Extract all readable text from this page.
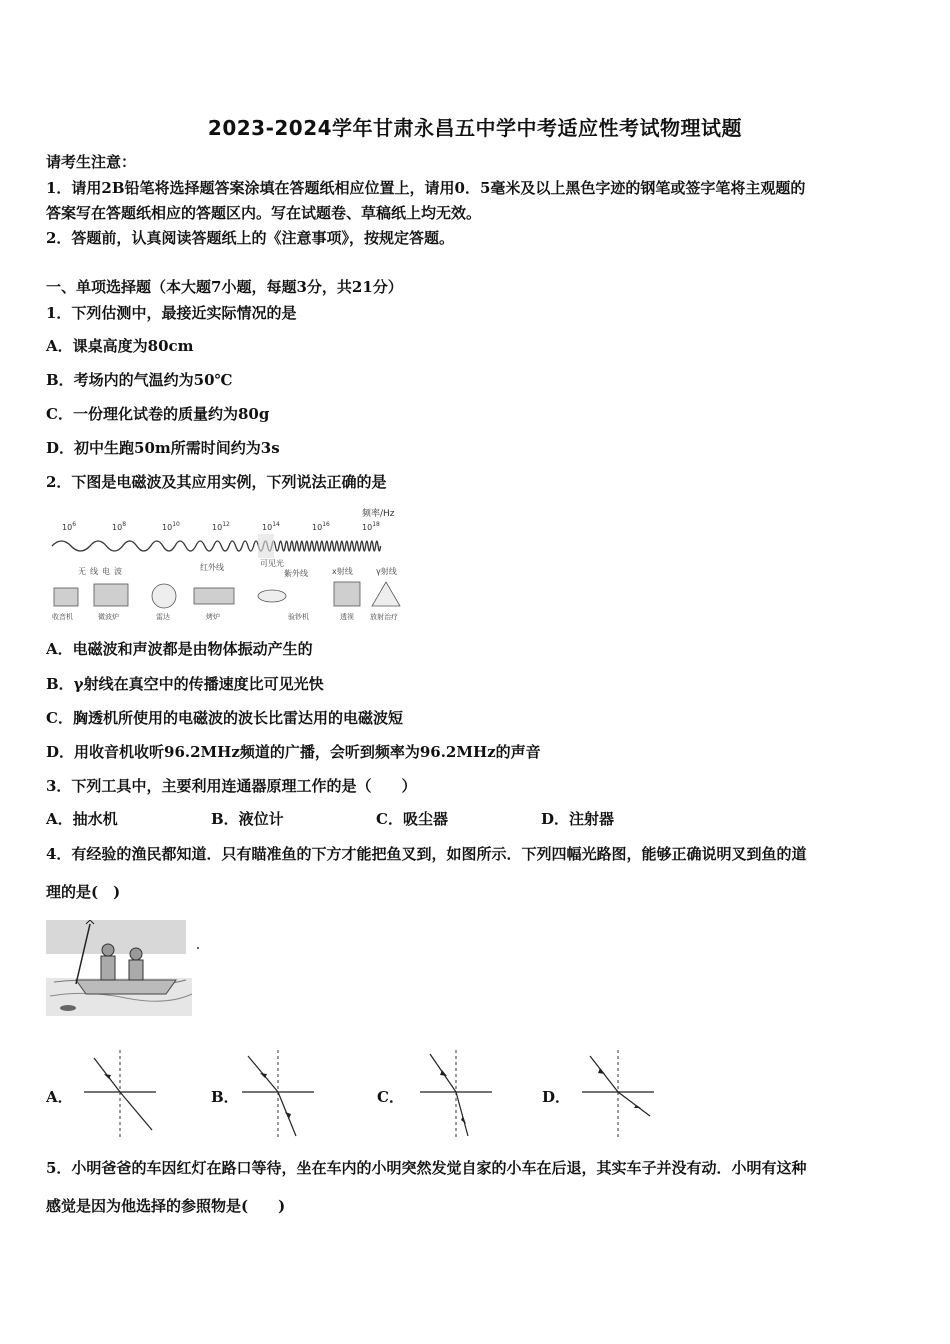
2023-2024学年甘肃永昌五中学中考适应性考试物理试题
请考生注意：
1．请用2B铅笔将选择题答案涂填在答题纸相应位置上，请用0．5毫米及以上黑色字迹的钢笔或签字笔将主观题的
答案写在答题纸相应的答题区内。写在试题卷、草稿纸上均无效。
2．答题前，认真阅读答题纸上的《注意事项》，按规定答题。
一、单项选择题（本大题7小题，每题3分，共21分）
1．下列估测中，最接近实际情况的是
A．课桌高度为80cm
B．考场内的气温约为50℃
C．一份理化试卷的质量约为80g
D．初中生跑50m所需时间约为3s
2．下图是电磁波及其应用实例，下列说法正确的是
频率/Hz
$10^6$	$10^8$	$10^{10}$	$10^{12}$	$10^{14}$	$10^{16}$	$10^{18}$
无线电波	红外线	可见光
紫外线	x射线	γ射线
收音机	微波炉	雷达	烤炉	验钞机	透视 放射治疗
A．电磁波和声波都是由物体振动产生的
B．γ射线在真空中的传播速度比可见光快
C．胸透机所使用的电磁波的波长比雷达用的电磁波短
D．用收音机收听96.2MHz频道的广播，会听到频率为96.2MHz的声音
3．下列工具中，主要利用连通器原理工作的是（　　）
A．抽水机	B．液位计	C．吸尘器	D．注射器
4．有经验的渔民都知道．只有瞄准鱼的下方才能把鱼叉到，如图所示．下列四幅光路图，能够正确说明叉到鱼的道
理的是(　)
A．	B．	C．	D．
5．小明爸爸的车因红灯在路口等待，坐在车内的小明突然发觉自家的小车在后退，其实车子并没有动．小明有这种
感觉是因为他选择的参照物是(　　)
